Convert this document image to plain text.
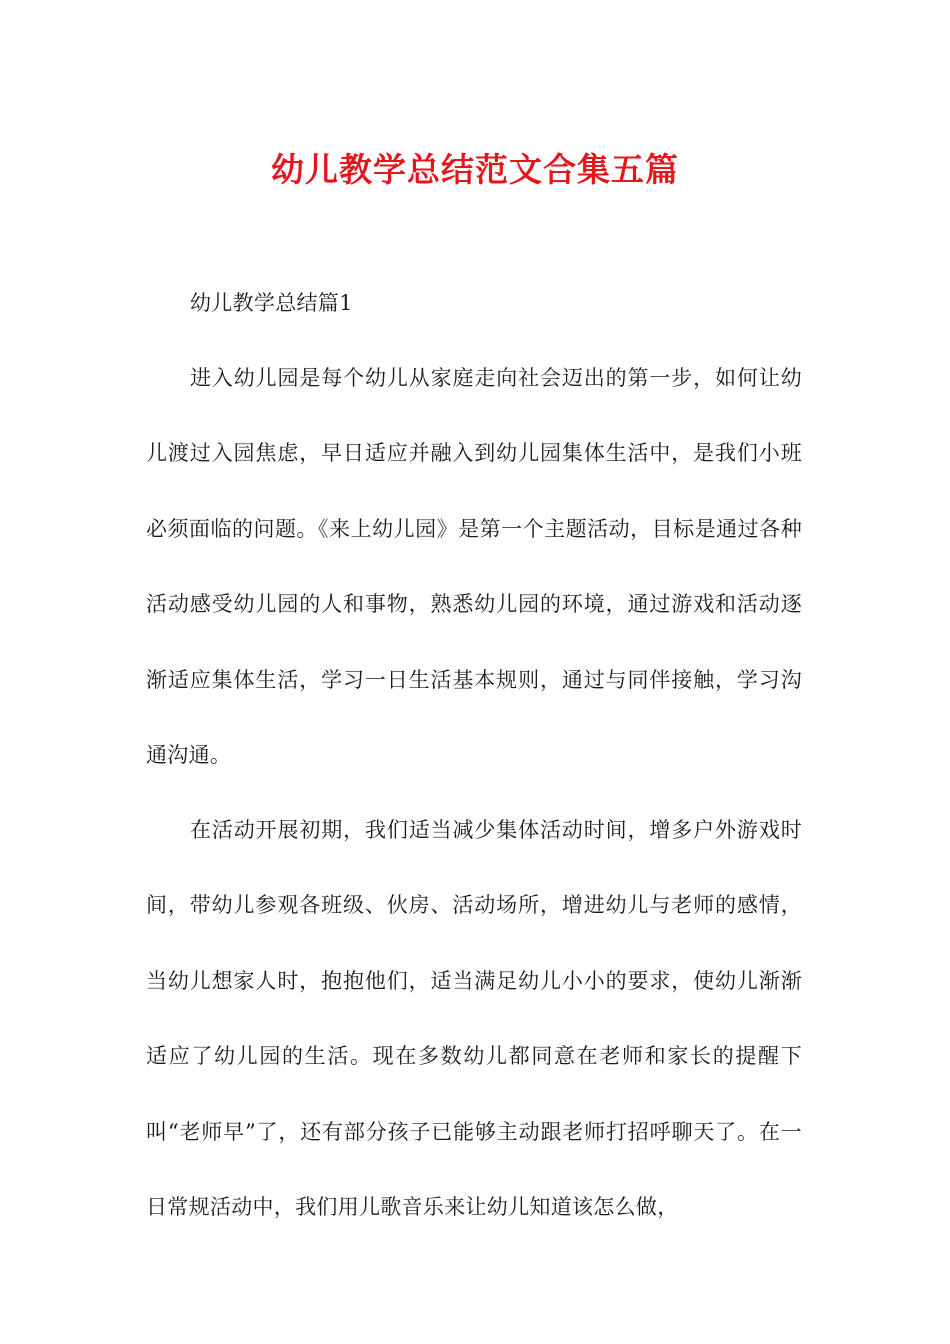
幼儿教学总结范文合集五篇
幼儿教学总结篇1

进入幼儿园是每个幼儿从家庭走向社会迈出的第一步，如何让幼儿渡过入园焦虑，早日适应并融入到幼儿园集体生活中，是我们小班必须面临的问题。《来上幼儿园》是第一个主题活动，目标是通过各种活动感受幼儿园的人和事物，熟悉幼儿园的环境，通过游戏和活动逐渐适应集体生活，学习一日生活基本规则，通过与同伴接触，学习沟通沟通。

在活动开展初期，我们适当减少集体活动时间，增多户外游戏时间，带幼儿参观各班级、伙房、活动场所，增进幼儿与老师的感情，当幼儿想家人时，抱抱他们，适当满足幼儿小小的要求，使幼儿渐渐适应了幼儿园的生活。现在多数幼儿都同意在老师和家长的提醒下叫“老师早”了，还有部分孩子已能够主动跟老师打招呼聊天了。在一日常规活动中，我们用儿歌音乐来让幼儿知道该怎么做，
